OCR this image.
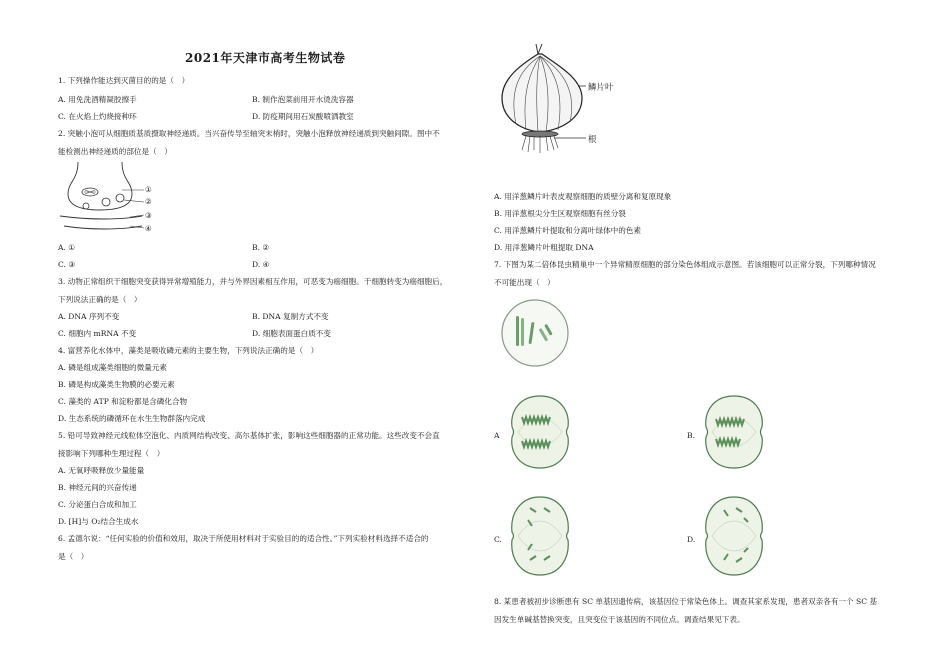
2021年天津市高考生物试卷
1. 下列操作能达到灭菌目的的是（　）
A. 用免洗酒精凝胶擦手	B. 制作泡菜前用开水烫洗容器
C. 在火焰上灼烧接种环	D. 防疫期间用石炭酸喷洒教室
2. 突触小泡可从细胞质基质摄取神经递质。当兴奋传导至轴突末梢时，突触小泡释放神经递质到突触间隙。图中不
能检测出神经递质的部位是（　）
①
②
③
④
A. ①	B. ②
C. ③	D. ④
3. 动物正常组织干细胞突变获得异常增殖能力，并与外界因素相互作用，可恶变为癌细胞。干细胞转变为癌细胞后，
下列说法正确的是（　）
A. DNA 序列不变	B. DNA 复制方式不变
C. 细胞内 mRNA 不变	D. 细胞表面蛋白质不变
4. 富营养化水体中，藻类是吸收磷元素的主要生物，下列说法正确的是（　）
A. 磷是组成藻类细胞的微量元素
B. 磷是构成藻类生物膜的必要元素
C. 藻类的 ATP 和淀粉都是含磷化合物
D. 生态系统的磷循环在水生生物群落内完成
5. 铅可导致神经元线粒体空泡化、内质网结构改变、高尔基体扩张，影响这些细胞器的正常功能。这些改变不会直
接影响下列哪种生理过程（　）
A. 无氧呼吸释放少量能量
B. 神经元间的兴奋传递
C. 分泌蛋白合成和加工
D. [H]与 O₂结合生成水
6. 孟德尔说：“任何实验的价值和效用，取决于所使用材料对于实验目的的适合性。”下列实验材料选择不适合的
是（　）
鳞片叶
根
A. 用洋葱鳞片叶表皮观察细胞的质壁分离和复原现象
B. 用洋葱根尖分生区观察细胞有丝分裂
C. 用洋葱鳞片叶提取和分离叶绿体中的色素
D. 用洋葱鳞片叶粗提取 DNA
7. 下图为某二倍体昆虫精巢中一个异常精原细胞的部分染色体组成示意图。若该细胞可以正常分裂，下列哪种情况
不可能出现（　）
A	B.
C.	D.
8. 某患者被初步诊断患有 SC 单基因遗传病，该基因位于常染色体上。调查其家系发现，患者双亲各有一个 SC 基
因发生单碱基替换突变，且突变位于该基因的不同位点。调查结果见下表。
